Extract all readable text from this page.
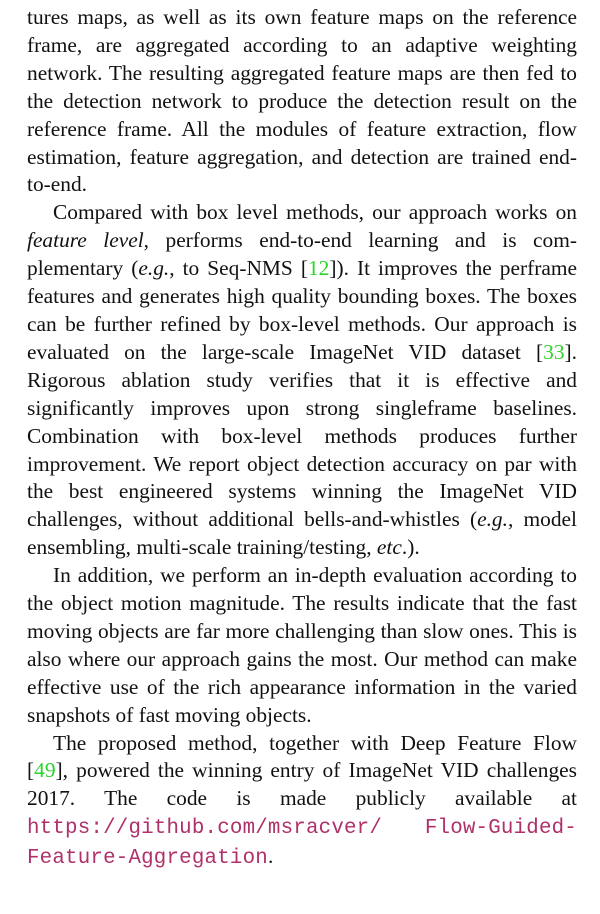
tures maps, as well as its own feature maps on the reference frame, are aggregated according to an adaptive weighting network. The resulting aggregated feature maps are then fed to the detection network to produce the detection result on the reference frame. All the modules of feature extraction, flow estimation, feature aggregation, and detection are trained end-to-end.

Compared with box level methods, our approach works on feature level, performs end-to-end learning and is complementary (e.g., to Seq-NMS [12]). It improves the perframe features and generates high quality bounding boxes. The boxes can be further refined by box-level methods. Our approach is evaluated on the large-scale ImageNet VID dataset [33]. Rigorous ablation study verifies that it is effective and significantly improves upon strong singleframe baselines. Combination with box-level methods produces further improvement. We report object detection accuracy on par with the best engineered systems winning the ImageNet VID challenges, without additional bells-and-whistles (e.g., model ensembling, multi-scale training/testing, etc.).

In addition, we perform an in-depth evaluation according to the object motion magnitude. The results indicate that the fast moving objects are far more challenging than slow ones. This is also where our approach gains the most. Our method can make effective use of the rich appearance information in the varied snapshots of fast moving objects.

The proposed method, together with Deep Feature Flow [49], powered the winning entry of ImageNet VID challenges 2017. The code is made publicly available at https://github.com/msracver/ Flow-Guided-Feature-Aggregation.
